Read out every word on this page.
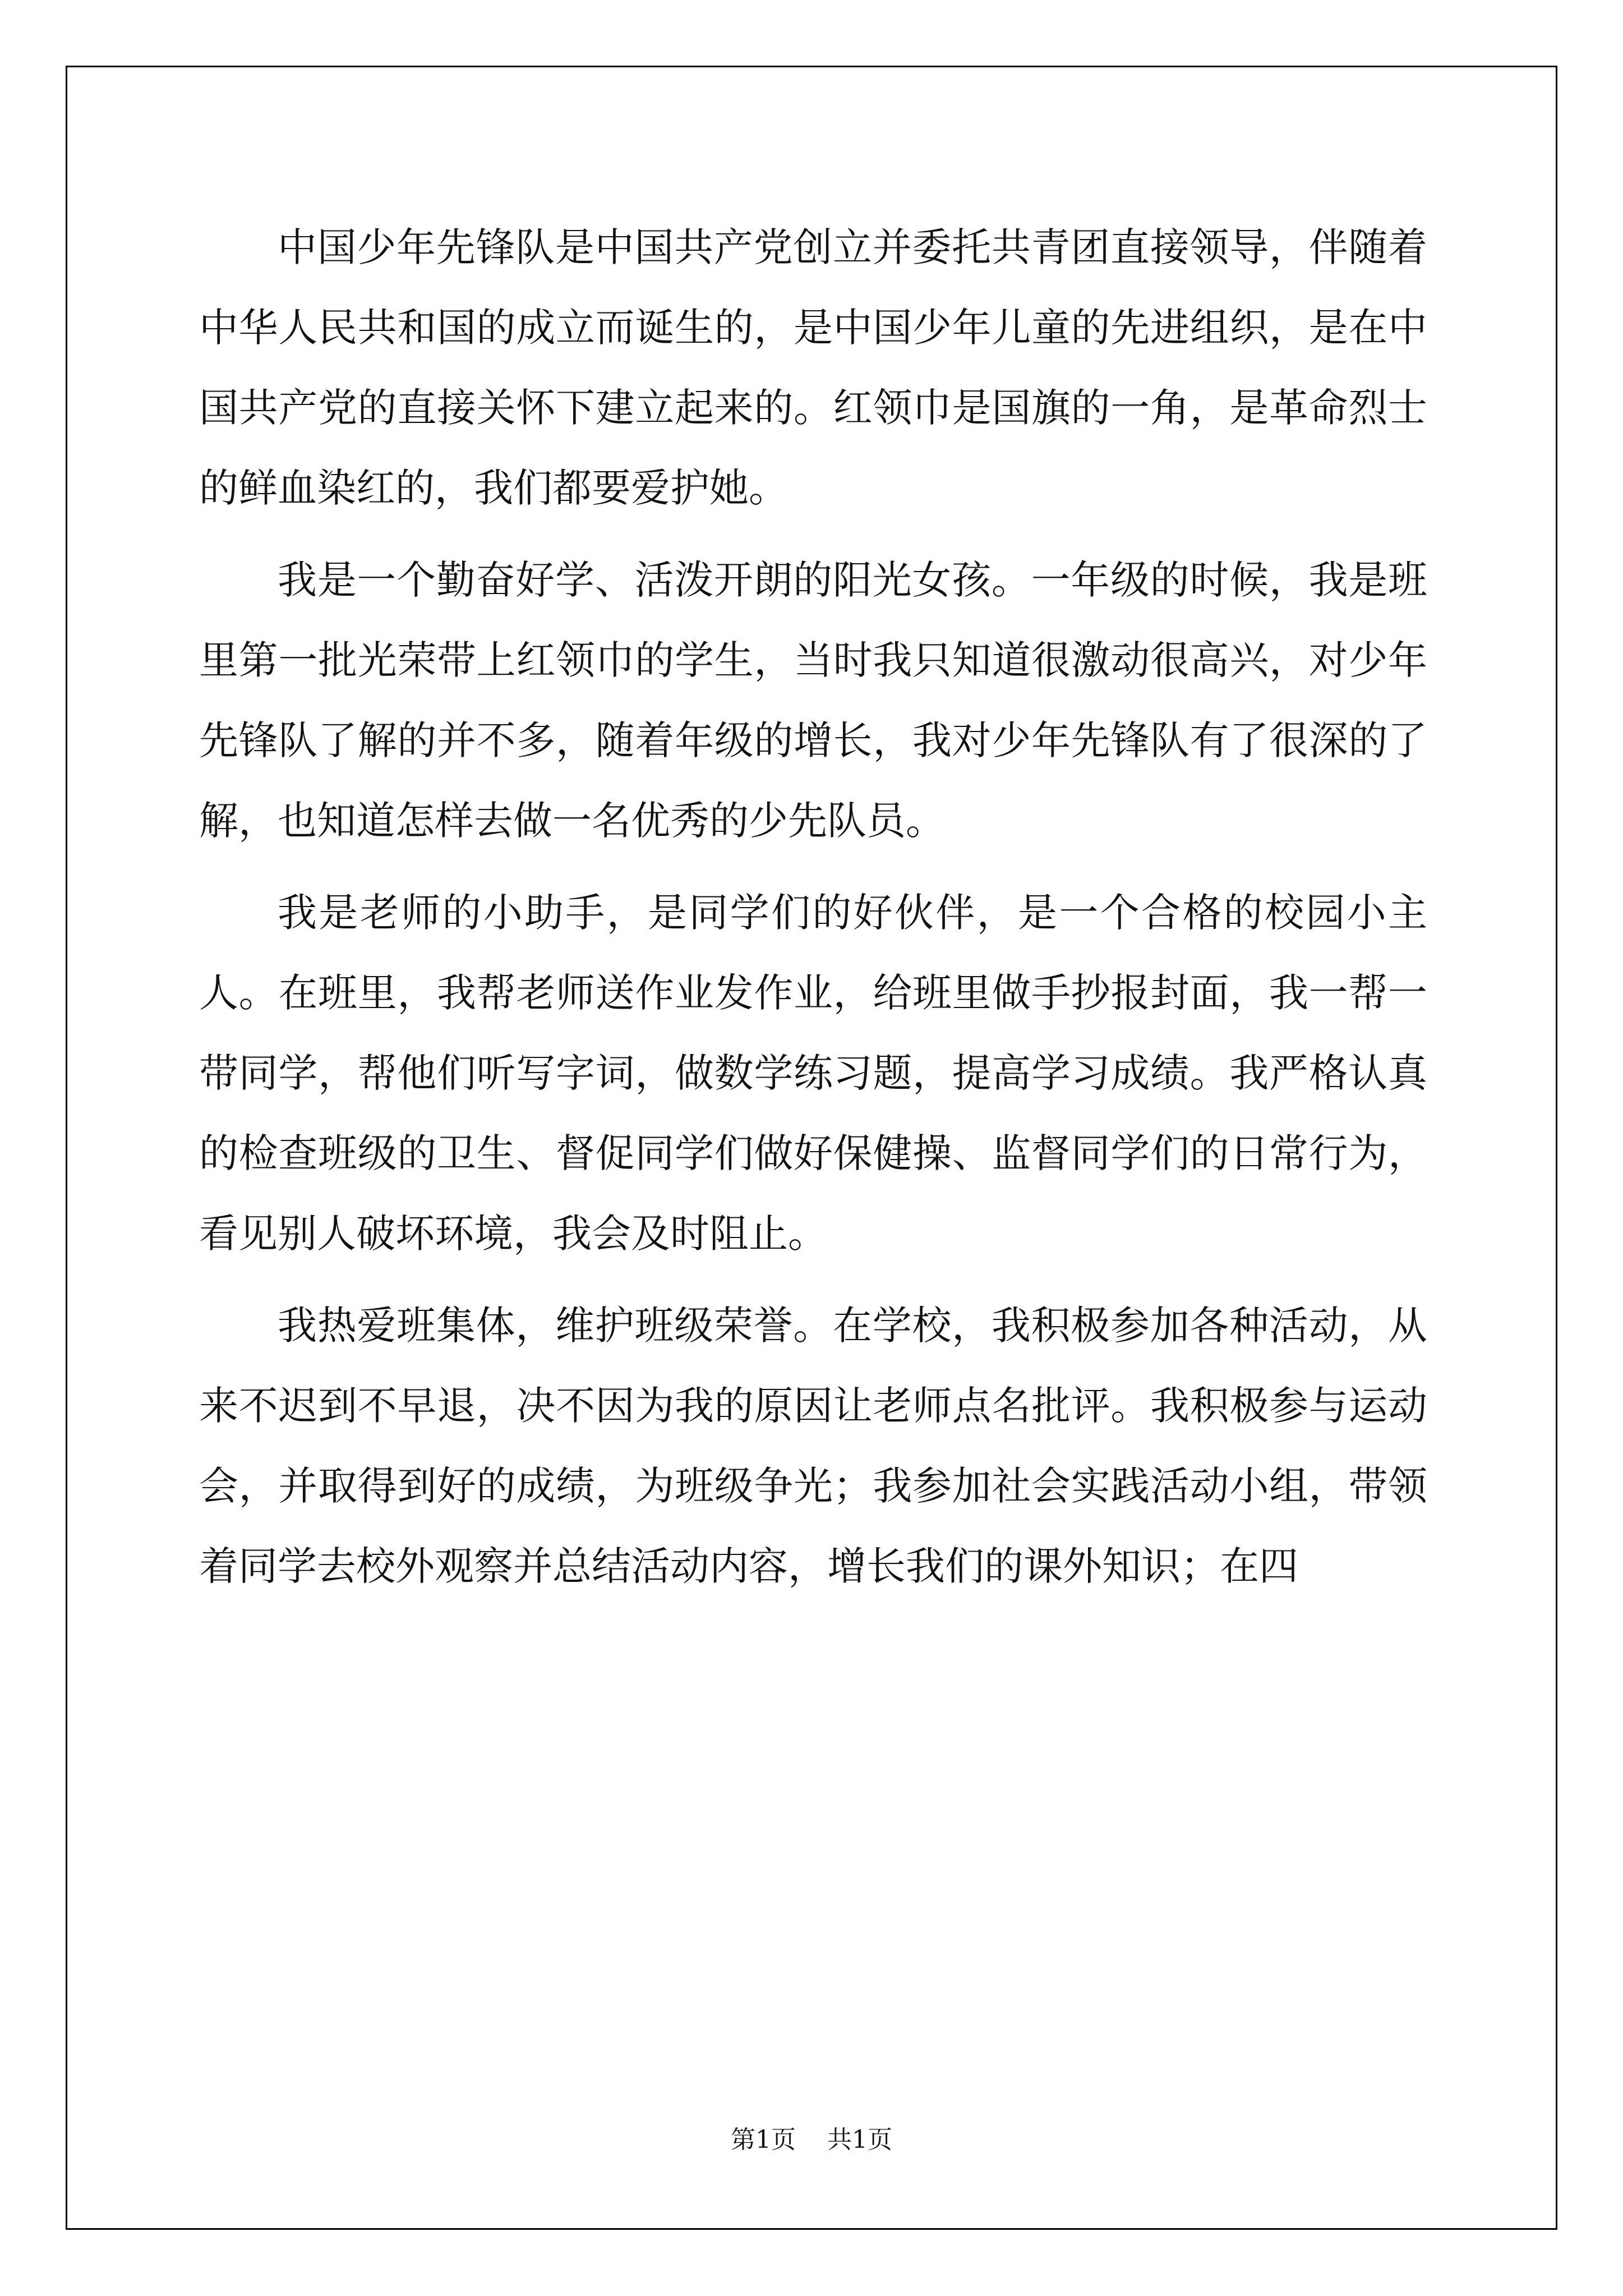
中国少年先锋队是中国共产党创立并委托共青团直接领导，伴随着中华人民共和国的成立而诞生的，是中国少年儿童的先进组织，是在中国共产党的直接关怀下建立起来的。红领巾是国旗的一角，是革命烈士的鲜血染红的，我们都要爱护她。

我是一个勤奋好学、活泼开朗的阳光女孩。一年级的时候，我是班里第一批光荣带上红领巾的学生，当时我只知道很激动很高兴，对少年先锋队了解的并不多，随着年级的增长，我对少年先锋队有了很深的了解，也知道怎样去做一名优秀的少先队员。

我是老师的小助手，是同学们的好伙伴，是一个合格的校园小主人。在班里，我帮老师送作业发作业，给班里做手抄报封面，我一帮一带同学，帮他们听写字词，做数学练习题，提高学习成绩。我严格认真的检查班级的卫生、督促同学们做好保健操、监督同学们的日常行为，看见别人破坏环境，我会及时阻止。

我热爱班集体，维护班级荣誉。在学校，我积极参加各种活动，从来不迟到不早退，决不因为我的原因让老师点名批评。我积极参与运动会，并取得到好的成绩，为班级争光；我参加社会实践活动小组，带领着同学去校外观察并总结活动内容，增长我们的课外知识；在四

第1页 共1页
